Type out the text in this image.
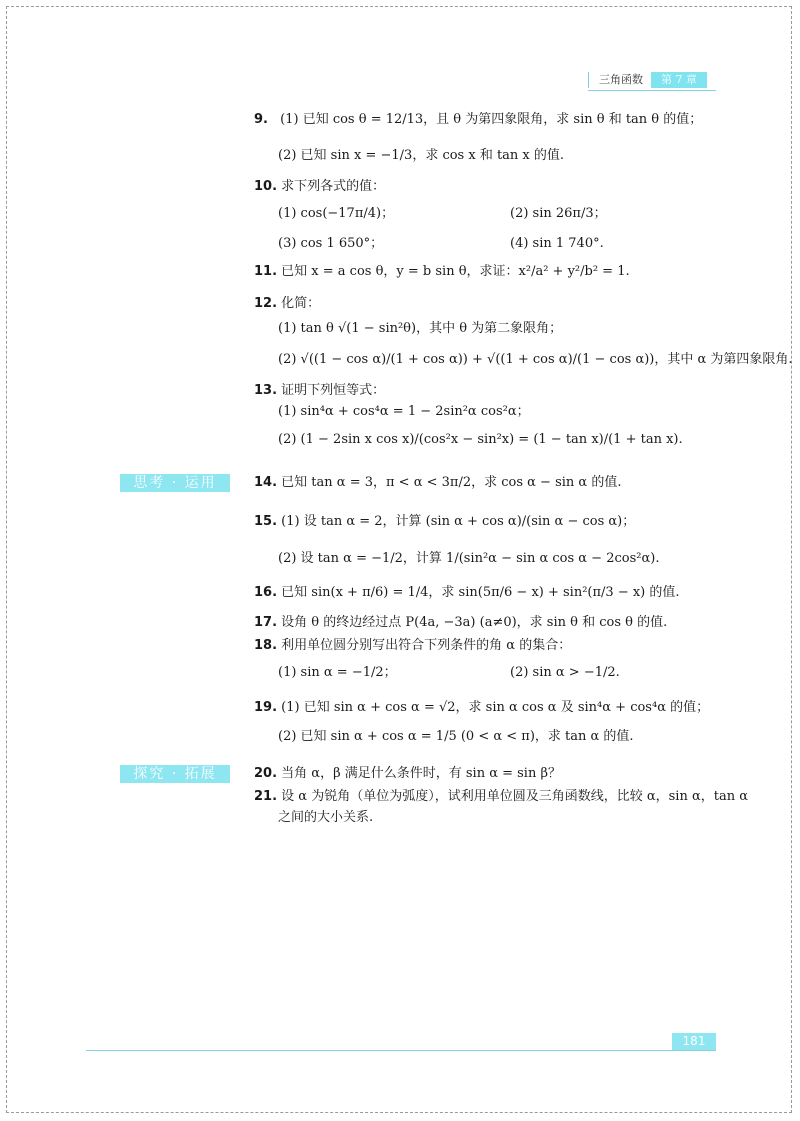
三角函数	第 7 章
9. (1) 已知 cos θ = 12/13，且 θ 为第四象限角，求 sin θ 和 tan θ 的值；
(2) 已知 sin x = −1/3，求 cos x 和 tan x 的值.
10. 求下列各式的值：
(1) cos(−17π/4)；	(2) sin 26π/3；
(3) cos 1 650°；	(4) sin 1 740°.
11. 已知 x = a cos θ，y = b sin θ，求证：x²/a² + y²/b² = 1.
12. 化简：
(1) tan θ √(1 − sin²θ)，其中 θ 为第二象限角；
(2) √((1 − cos α)/(1 + cos α)) + √((1 + cos α)/(1 − cos α))，其中 α 为第四象限角.
13. 证明下列恒等式：
(1) sin⁴α + cos⁴α = 1 − 2sin²α cos²α；
(2) (1 − 2sin x cos x)/(cos²x − sin²x) = (1 − tan x)/(1 + tan x).
思考 · 运用	14. 已知 tan α = 3，π < α < 3π/2，求 cos α − sin α 的值.
15. (1) 设 tan α = 2，计算 (sin α + cos α)/(sin α − cos α)；
(2) 设 tan α = −1/2，计算 1/(sin²α − sin α cos α − 2cos²α).
16. 已知 sin(x + π/6) = 1/4，求 sin(5π/6 − x) + sin²(π/3 − x) 的值.
17. 设角 θ 的终边经过点 P(4a, −3a) (a≠0)，求 sin θ 和 cos θ 的值.
18. 利用单位圆分别写出符合下列条件的角 α 的集合：
(1) sin α = −1/2；	(2) sin α > −1/2.
19. (1) 已知 sin α + cos α = √2，求 sin α cos α 及 sin⁴α + cos⁴α 的值；
(2) 已知 sin α + cos α = 1/5 (0 < α < π)，求 tan α 的值.
探究 · 拓展	20. 当角 α，β 满足什么条件时，有 sin α = sin β？
21. 设 α 为锐角（单位为弧度），试利用单位圆及三角函数线，比较 α，sin α，tan α
之间的大小关系.
181
